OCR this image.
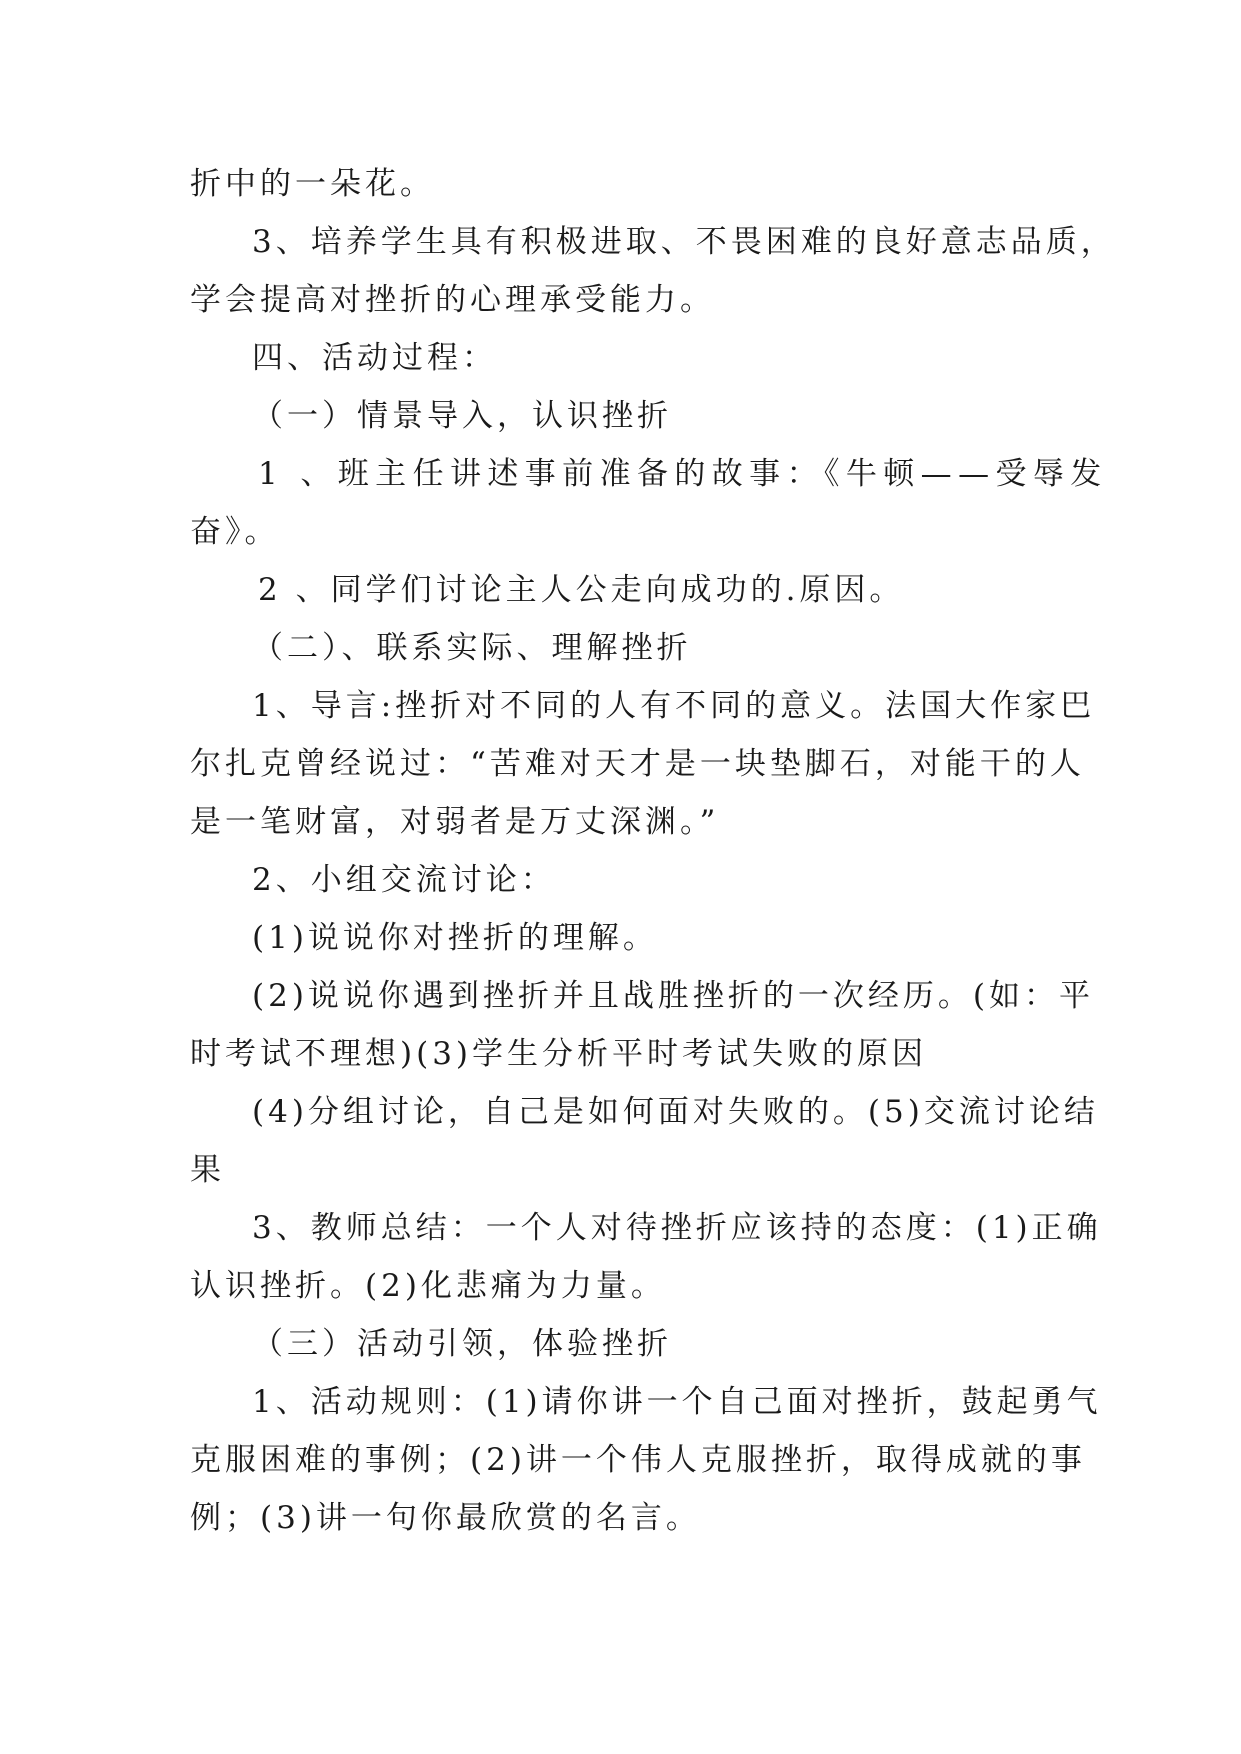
折中的一朵花。
3、培养学生具有积极进取、不畏困难的良好意志品质，
学会提高对挫折的心理承受能力。
四、活动过程：
（一）情景导入，认识挫折
1 、班主任讲述事前准备的故事：《牛顿——受辱发
奋》。
2 、同学们讨论主人公走向成功的.原因。
（二）、联系实际、理解挫折
1、导言:挫折对不同的人有不同的意义。法国大作家巴
尔扎克曾经说过：“苦难对天才是一块垫脚石，对能干的人
是一笔财富，对弱者是万丈深渊。”
2、小组交流讨论：
(1)说说你对挫折的理解。
(2)说说你遇到挫折并且战胜挫折的一次经历。(如：平
时考试不理想)(3)学生分析平时考试失败的原因
(4)分组讨论，自己是如何面对失败的。(5)交流讨论结
果
3、教师总结：一个人对待挫折应该持的态度：(1)正确
认识挫折。(2)化悲痛为力量。
（三）活动引领，体验挫折
1、活动规则：(1)请你讲一个自己面对挫折，鼓起勇气
克服困难的事例；(2)讲一个伟人克服挫折，取得成就的事
例；(3)讲一句你最欣赏的名言。
